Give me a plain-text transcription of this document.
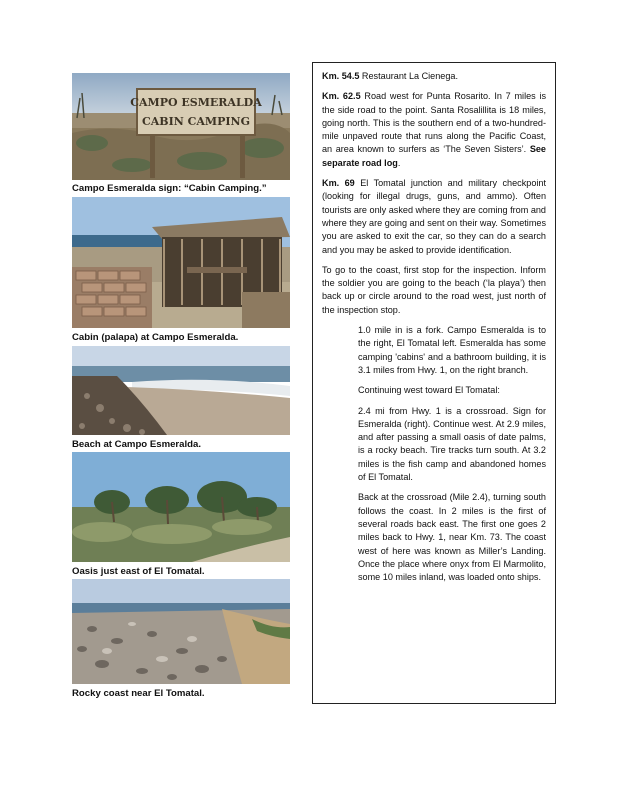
CAMPO ESMERALDA
CABIN CAMPING
Campo Esmeralda sign: “Cabin Camping.”
Cabin (palapa) at Campo Esmeralda.
Beach at Campo Esmeralda.
Oasis just east of El Tomatal.
Rocky coast near El Tomatal.

Km. 54.5 Restaurant La Cienega.

Km. 62.5 Road west for Punta Rosarito. In 7 miles is the side road to the point. Santa Rosalillita is 18 miles, going north. This is the southern end of a two-hundred-mile unpaved route that runs along the Pacific Coast, an area known to surfers as ‘The Seven Sisters’. See separate road log.

Km. 69 El Tomatal junction and military checkpoint (looking for illegal drugs, guns, and ammo). Often tourists are only asked where they are coming from and where they are going and sent on their way. Sometimes you are asked to exit the car, so they can do a search and you may be asked to provide identification.

To go to the coast, first stop for the inspection. Inform the soldier you are going to the beach (‘la playa’) then back up or circle around to the road west, just north of the inspection stop.

1.0 mile in is a fork. Campo Esmeralda is to the right, El Tomatal left. Esmeralda has some camping 'cabins' and a bathroom building, it is 3.1 miles from Hwy. 1, on the right branch.

Continuing west toward El Tomatal:

2.4 mi from Hwy. 1 is a crossroad. Sign for Esmeralda (right). Continue west. At 2.9 miles, and after passing a small oasis of date palms, is a rocky beach. Tire tracks turn south. At 3.2 miles is the fish camp and abandoned homes of El Tomatal.

Back at the crossroad (Mile 2.4), turning south follows the coast. In 2 miles is the first of several roads back east. The first one goes 2 miles back to Hwy. 1, near Km. 73. The coast west of here was known as Miller’s Landing. Once the place where onyx from El Marmolito, some 10 miles inland, was loaded onto ships.
